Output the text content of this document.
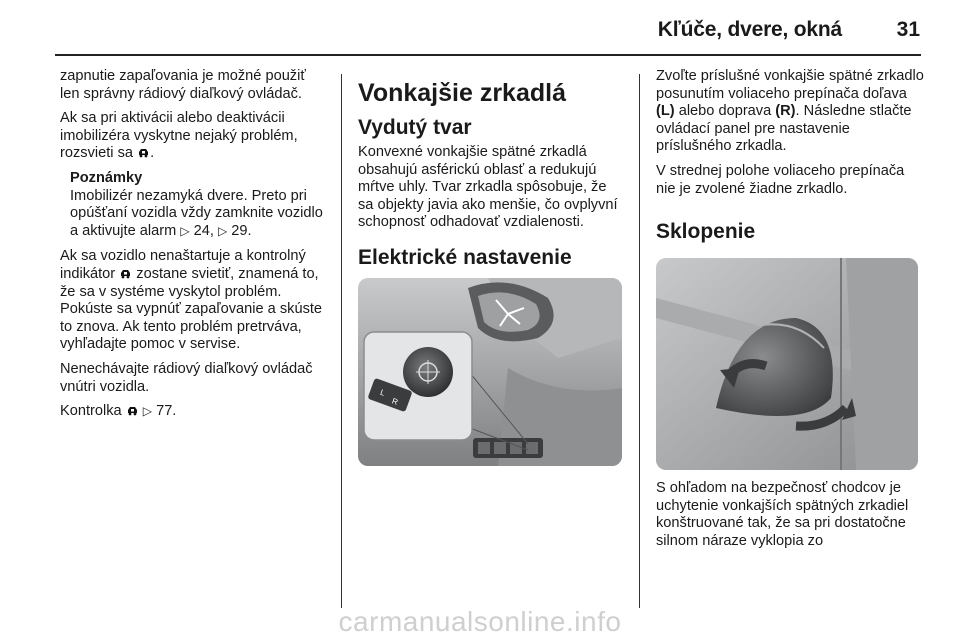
Kľúče, dvere, okná	31

zapnutie zapaľovania je možné použiť len správny rádiový diaľkový ovládač.

Ak sa pri aktivácii alebo deaktivácii imobilizéra vyskytne nejaký problém, rozsvieti sa .

Poznámky
Imobilizér nezamyká dvere. Preto pri opúšťaní vozidla vždy zamknite vozidlo a aktivujte alarm ▷ 24, ▷ 29.

Ak sa vozidlo nenaštartuje a kontrolný indikátor zostane svietiť, znamená to, že sa v systéme vyskytol problém. Pokúste sa vypnúť zapaľovanie a skúste to znova. Ak tento problém pretrváva, vyhľadajte pomoc v servise.

Nenechávajte rádiový diaľkový ovládač vnútri vozidla.

Kontrolka ▷ 77.

Vonkajšie zrkadlá
Vydutý tvar

Konvexné vonkajšie spätné zrkadlá obsahujú asférickú oblasť a redukujú mŕtve uhly. Tvar zrkadla spôsobuje, že sa objekty javia ako menšie, čo ovplyvní schopnosť odhadovať vzdialenosti.

Elektrické nastavenie
L
R

Zvoľte príslušné vonkajšie spätné zrkadlo posunutím voliaceho prepínača doľava (L) alebo doprava (R). Následne stlačte ovládací panel pre nastavenie príslušného zrkadla.

V strednej polohe voliaceho prepínača nie je zvolené žiadne zrkadlo.

Sklopenie

S ohľadom na bezpečnosť chodcov je uchytenie vonkajších spätných zrkadiel konštruované tak, že sa pri dostatočne silnom náraze vyklopia zo

carmanualsonline.info
